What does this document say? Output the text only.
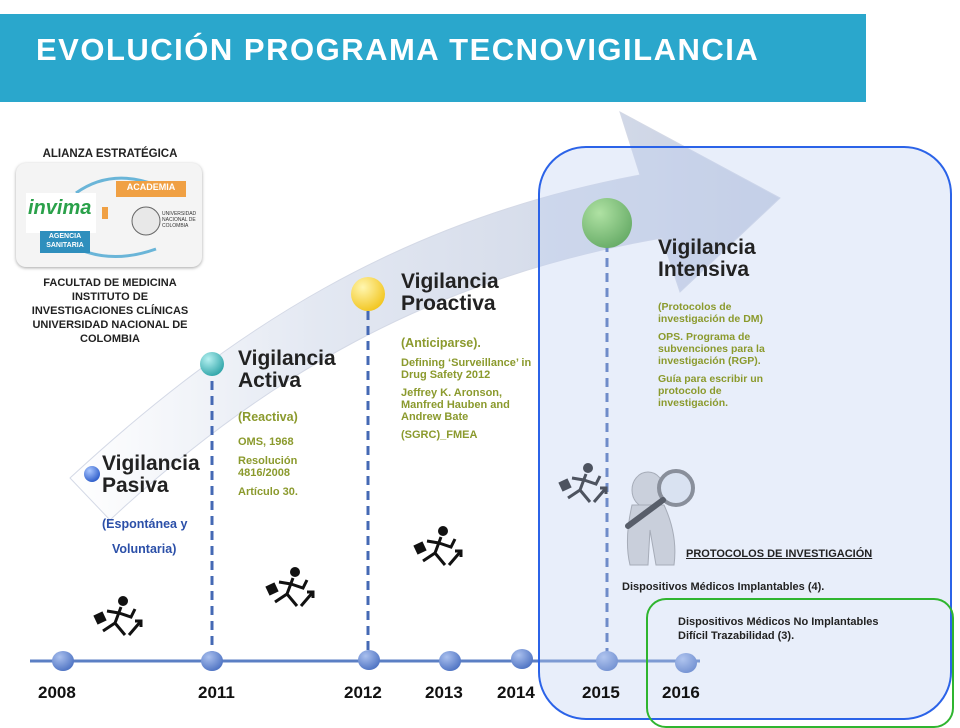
EVOLUCIÓN PROGRAMA TECNOVIGILANCIA
ALIANZA ESTRATÉGICA
invima
ACADEMIA
AGENCIA SANITARIA
UNIVERSIDAD NACIONAL DE COLOMBIA
FACULTAD DE MEDICINA
INSTITUTO DE
INVESTIGACIONES CLÍNICAS
UNIVERSIDAD NACIONAL DE
COLOMBIA
Vigilancia
Pasiva
(Espontánea y
Voluntaria)
Vigilancia
Activa
(Reactiva)
OMS, 1968
Resolución 4816/2008
Artículo 30.
Vigilancia
Proactiva
(Anticiparse).
Defining ‘Surveillance’ in Drug Safety 2012
Jeffrey K. Aronson, Manfred Hauben and Andrew Bate
(SGRC)_FMEA
Vigilancia
Intensiva
(Protocolos de investigación de DM)
OPS. Programa de subvenciones para la investigación (RGP).
Guía para escribir un protocolo de investigación.
PROTOCOLOS DE INVESTIGACIÓN
Dispositivos Médicos Implantables (4).
Dispositivos Médicos No Implantables
Difícil Trazabilidad (3).
2008	2011	2012	2013 2014	2015 2016
